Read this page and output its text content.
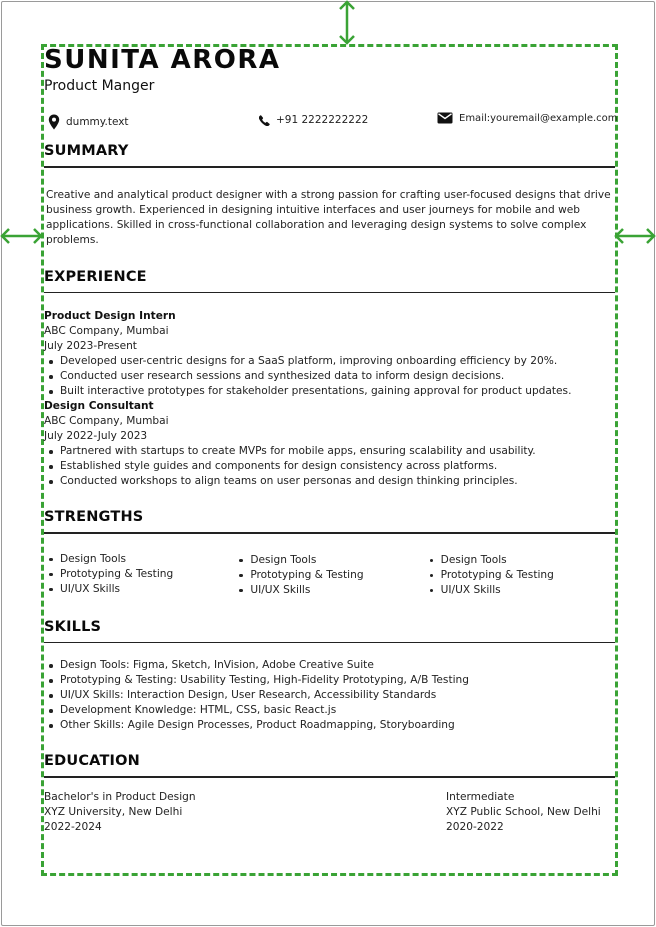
SUNITA ARORA
Product Manger
dummy.text	+91 2222222222	Email:youremail@example.com
SUMMARY
Creative and analytical product designer with a strong passion for crafting user-focused designs that drive business growth. Experienced in designing intuitive interfaces and user journeys for mobile and web applications. Skilled in cross-functional collaboration and leveraging design systems to solve complex problems.
EXPERIENCE
Product Design Intern
ABC Company, Mumbai
July 2023-Present
Developed user-centric designs for a SaaS platform, improving onboarding efficiency by 20%.
Conducted user research sessions and synthesized data to inform design decisions.
Built interactive prototypes for stakeholder presentations, gaining approval for product updates.
Design Consultant
ABC Company, Mumbai
July 2022-July 2023
Partnered with startups to create MVPs for mobile apps, ensuring scalability and usability.
Established style guides and components for design consistency across platforms.
Conducted workshops to align teams on user personas and design thinking principles.
STRENGTHS
Design Tools
Prototyping & Testing
UI/UX Skills
Design Tools
Prototyping & Testing
UI/UX Skills
Design Tools
Prototyping & Testing
UI/UX Skills
SKILLS
Design Tools: Figma, Sketch, InVision, Adobe Creative Suite
Prototyping & Testing: Usability Testing, High-Fidelity Prototyping, A/B Testing
UI/UX Skills: Interaction Design, User Research, Accessibility Standards
Development Knowledge: HTML, CSS, basic React.js
Other Skills: Agile Design Processes, Product Roadmapping, Storyboarding
EDUCATION
Bachelor's in Product Design
XYZ University, New Delhi
2022-2024
Intermediate
XYZ Public School, New Delhi
2020-2022
